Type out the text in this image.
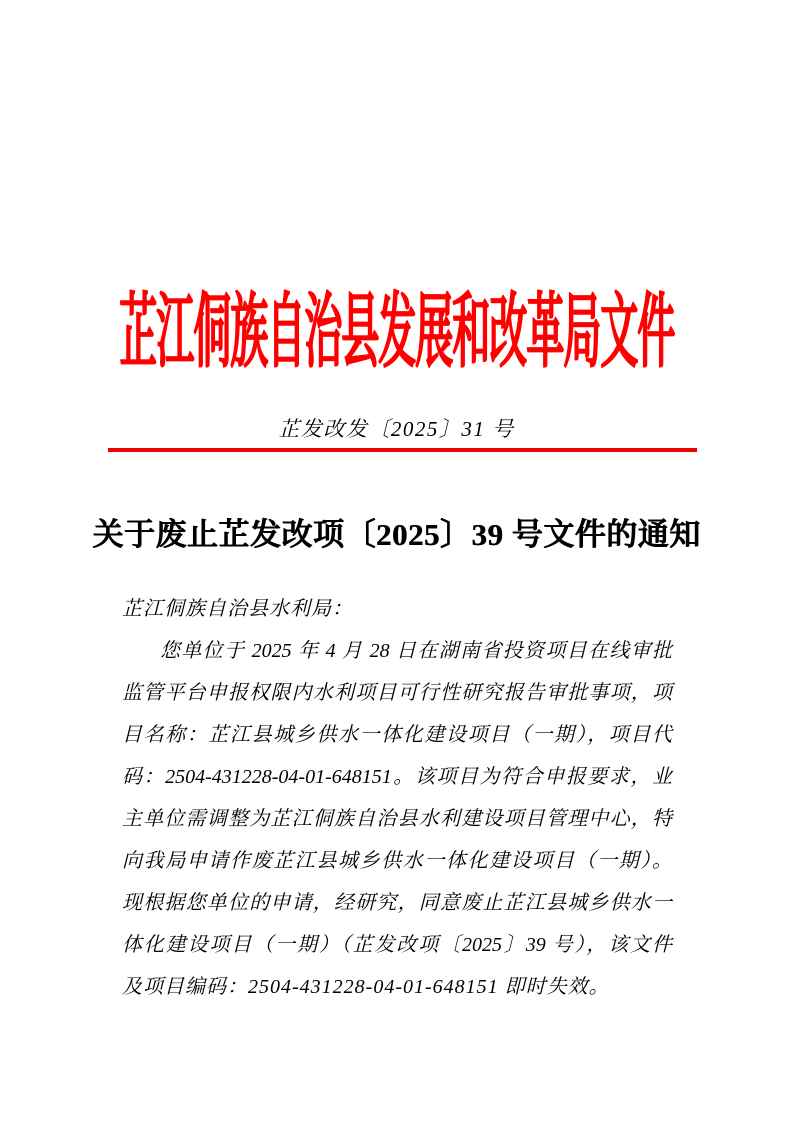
芷江侗族自治县发展和改革局文件
芷发改发〔2025〕31 号
关于废止芷发改项〔2025〕39 号文件的通知
芷江侗族自治县水利局：
您单位于 2025 年 4 月 28 日在湖南省投资项目在线审批
监管平台申报权限内水利项目可行性研究报告审批事项，项
目名称：芷江县城乡供水一体化建设项目（一期），项目代
码：2504-431228-04-01-648151。该项目为符合申报要求，业
主单位需调整为芷江侗族自治县水利建设项目管理中心，特
向我局申请作废芷江县城乡供水一体化建设项目（一期）。
现根据您单位的申请，经研究，同意废止芷江县城乡供水一
体化建设项目（一期）（芷发改项〔2025〕39 号），该文件
及项目编码：2504-431228-04-01-648151 即时失效。
